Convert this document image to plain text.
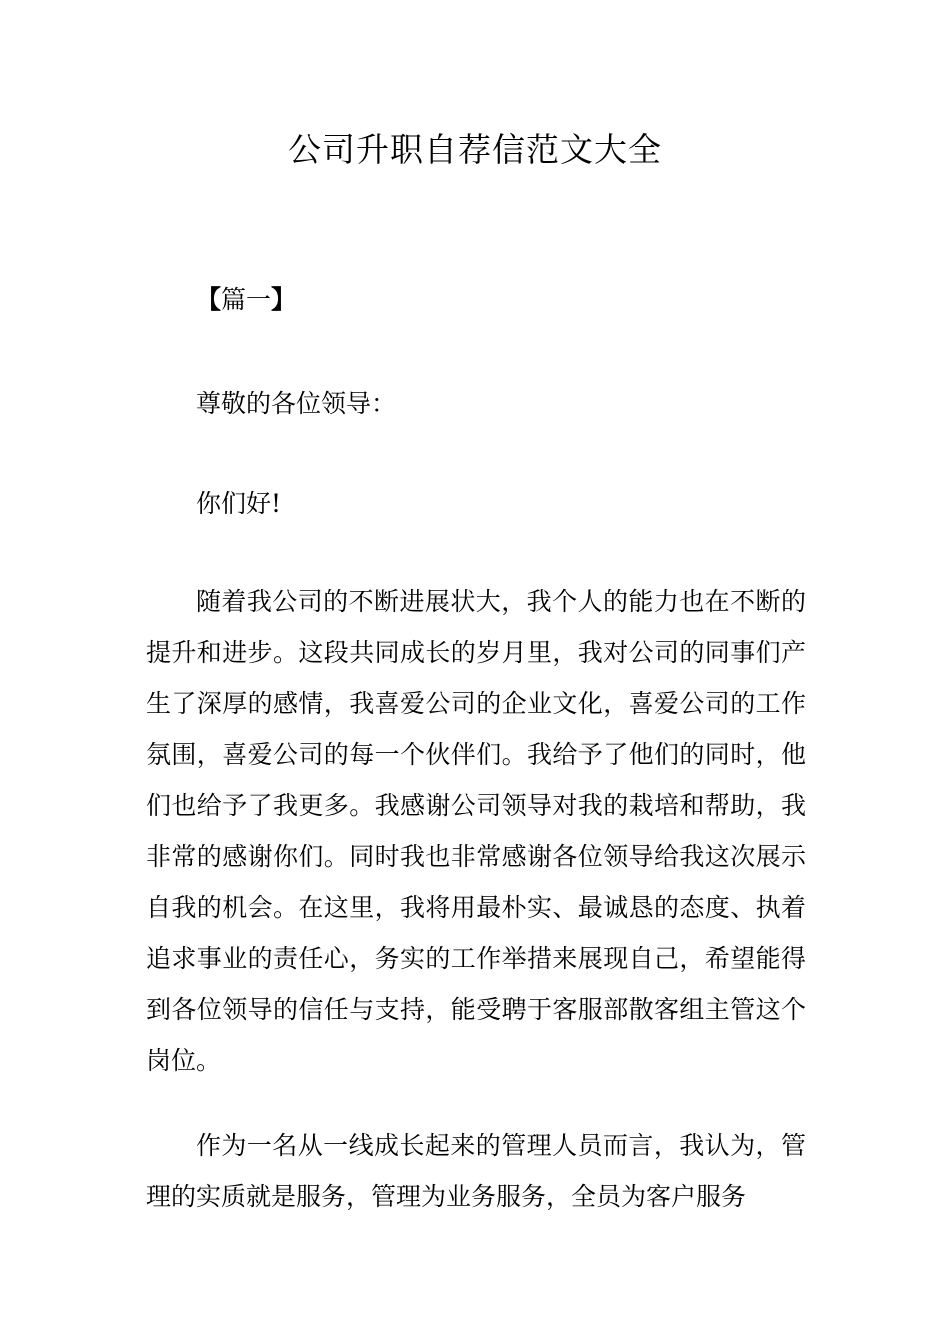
公司升职自荐信范文大全

【篇一】

尊敬的各位领导：

你们好!

随着我公司的不断进展状大，我个人的能力也在不断的提升和进步。这段共同成长的岁月里，我对公司的同事们产生了深厚的感情，我喜爱公司的企业文化，喜爱公司的工作氛围，喜爱公司的每一个伙伴们。我给予了他们的同时，他们也给予了我更多。我感谢公司领导对我的栽培和帮助，我非常的感谢你们。同时我也非常感谢各位领导给我这次展示自我的机会。在这里，我将用最朴实、最诚恳的态度、执着追求事业的责任心，务实的工作举措来展现自己，希望能得到各位领导的信任与支持，能受聘于客服部散客组主管这个岗位。

作为一名从一线成长起来的管理人员而言，我认为，管理的实质就是服务，管理为业务服务，全员为客户服务
